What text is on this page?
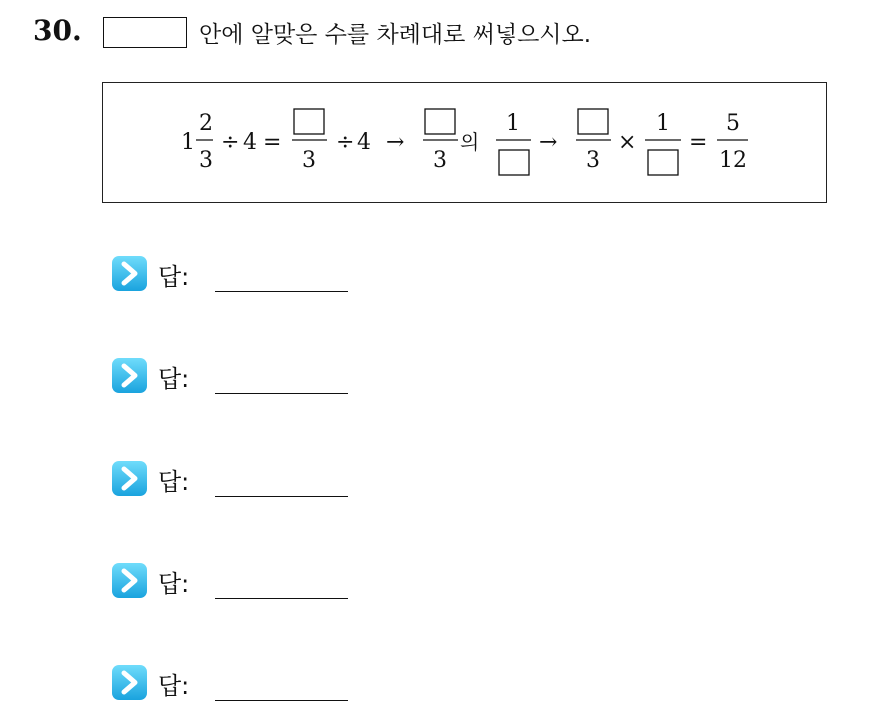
30.	안에 알맞은 수를 차례대로 써넣으시오.
1
2
3
÷ 4 =
3
÷ 4 →
3
의
1
→
3
×
1
=
5
12
답:
답:
답:
답:
답:
